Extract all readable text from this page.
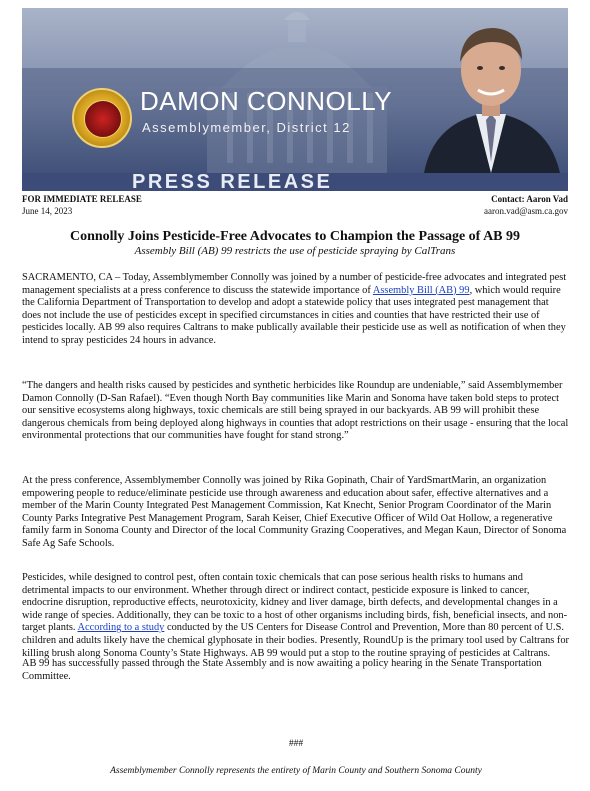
DAMON CONNOLLY
Assemblymember, District 12
PRESS RELEASE
FOR IMMEDIATE RELEASE
June 14, 2023
Contact: Aaron Vad
aaron.vad@asm.ca.gov
Connolly Joins Pesticide-Free Advocates to Champion the Passage of AB 99
Assembly Bill (AB) 99 restricts the use of pesticide spraying by CalTrans

SACRAMENTO, CA – Today, Assemblymember Connolly was joined by a number of pesticide-free advocates and integrated pest management specialists at a press conference to discuss the statewide importance of Assembly Bill (AB) 99, which would require the California Department of Transportation to develop and adopt a statewide policy that uses integrated pest management that does not include the use of pesticides except in specified circumstances in cities and counties that have restricted their use of pesticides locally. AB 99 also requires Caltrans to make publically available their pesticide use as well as notification of when they intend to spray pesticides 24 hours in advance.

“The dangers and health risks caused by pesticides and synthetic herbicides like Roundup are undeniable,” said Assemblymember Damon Connolly (D-San Rafael). “Even though North Bay communities like Marin and Sonoma have taken bold steps to protect our sensitive ecosystems along highways, toxic chemicals are still being sprayed in our backyards. AB 99 will prohibit these dangerous chemicals from being deployed along highways in counties that adopt restrictions on their usage - ensuring that the local environmental protections that our communities have fought for stand strong.”

At the press conference, Assemblymember Connolly was joined by Rika Gopinath, Chair of YardSmartMarin, an organization empowering people to reduce/eliminate pesticide use through awareness and education about safer, effective alternatives and a member of the Marin County Integrated Pest Management Commission, Kat Knecht, Senior Program Coordinator of the Marin County Parks Integrative Pest Management Program, Sarah Keiser, Chief Executive Officer of Wild Oat Hollow, a regenerative family farm in Sonoma County and Director of the local Community Grazing Cooperatives, and Megan Kaun, Director of Sonoma Safe Ag Safe Schools.

Pesticides, while designed to control pest, often contain toxic chemicals that can pose serious health risks to humans and detrimental impacts to our environment. Whether through direct or indirect contact, pesticide exposure is linked to cancer, endocrine disruption, reproductive effects, neurotoxicity, kidney and liver damage, birth defects, and developmental changes in a wide range of species. Additionally, they can be toxic to a host of other organisms including birds, fish, beneficial insects, and non-target plants. According to a study conducted by the US Centers for Disease Control and Prevention, More than 80 percent of U.S. children and adults likely have the chemical glyphosate in their bodies. Presently, RoundUp is the primary tool used by Caltrans for killing brush along Sonoma County’s State Highways. AB 99 would put a stop to the routine spraying of pesticides at Caltrans.

AB 99 has successfully passed through the State Assembly and is now awaiting a policy hearing in the Senate Transportation Committee.

###
Assemblymember Connolly represents the entirety of Marin County and Southern Sonoma County
